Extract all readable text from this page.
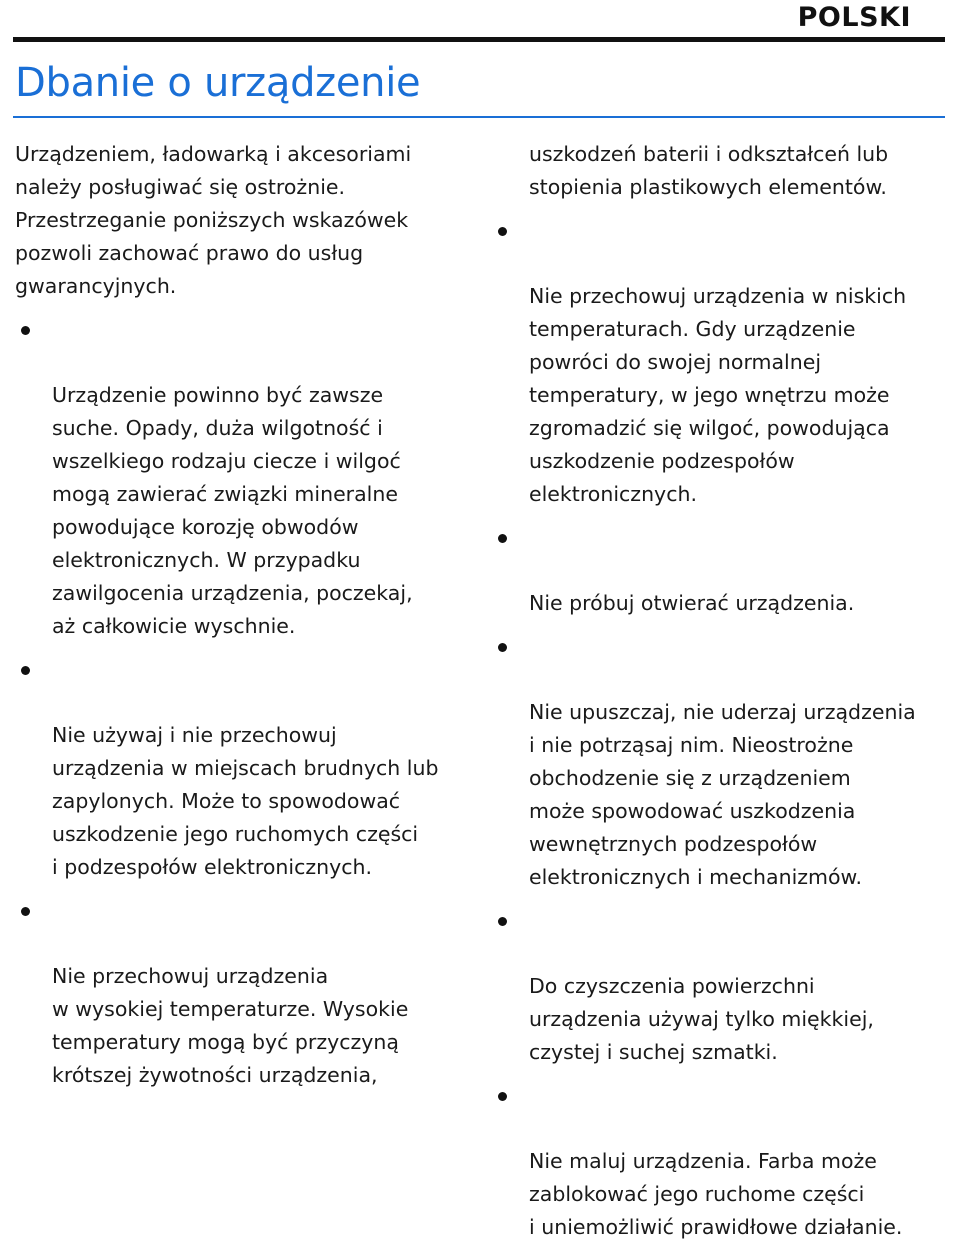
POLSKI
Dbanie o urządzenie

Urządzeniem, ładowarką i akcesoriami
należy posługiwać się ostrożnie.
Przestrzeganie poniższych wskazówek
pozwoli zachować prawo do usług
gwarancyjnych.

Urządzenie powinno być zawsze
suche. Opady, duża wilgotność i
wszelkiego rodzaju ciecze i wilgoć
mogą zawierać związki mineralne
powodujące korozję obwodów
elektronicznych. W przypadku
zawilgocenia urządzenia, poczekaj,
aż całkowicie wyschnie.

Nie używaj i nie przechowuj
urządzenia w miejscach brudnych lub
zapylonych. Może to spowodować
uszkodzenie jego ruchomych części
i podzespołów elektronicznych.

Nie przechowuj urządzenia
w wysokiej temperaturze. Wysokie
temperatury mogą być przyczyną
krótszej żywotności urządzenia,

uszkodzeń baterii i odkształceń lub
stopienia plastikowych elementów.

Nie przechowuj urządzenia w niskich
temperaturach. Gdy urządzenie
powróci do swojej normalnej
temperatury, w jego wnętrzu może
zgromadzić się wilgoć, powodująca
uszkodzenie podzespołów
elektronicznych.

Nie próbuj otwierać urządzenia.

Nie upuszczaj, nie uderzaj urządzenia
i nie potrząsaj nim. Nieostrożne
obchodzenie się z urządzeniem
może spowodować uszkodzenia
wewnętrznych podzespołów
elektronicznych i mechanizmów.

Do czyszczenia powierzchni
urządzenia używaj tylko miękkiej,
czystej i suchej szmatki.

Nie maluj urządzenia. Farba może
zablokować jego ruchome części
i uniemożliwić prawidłowe działanie.
